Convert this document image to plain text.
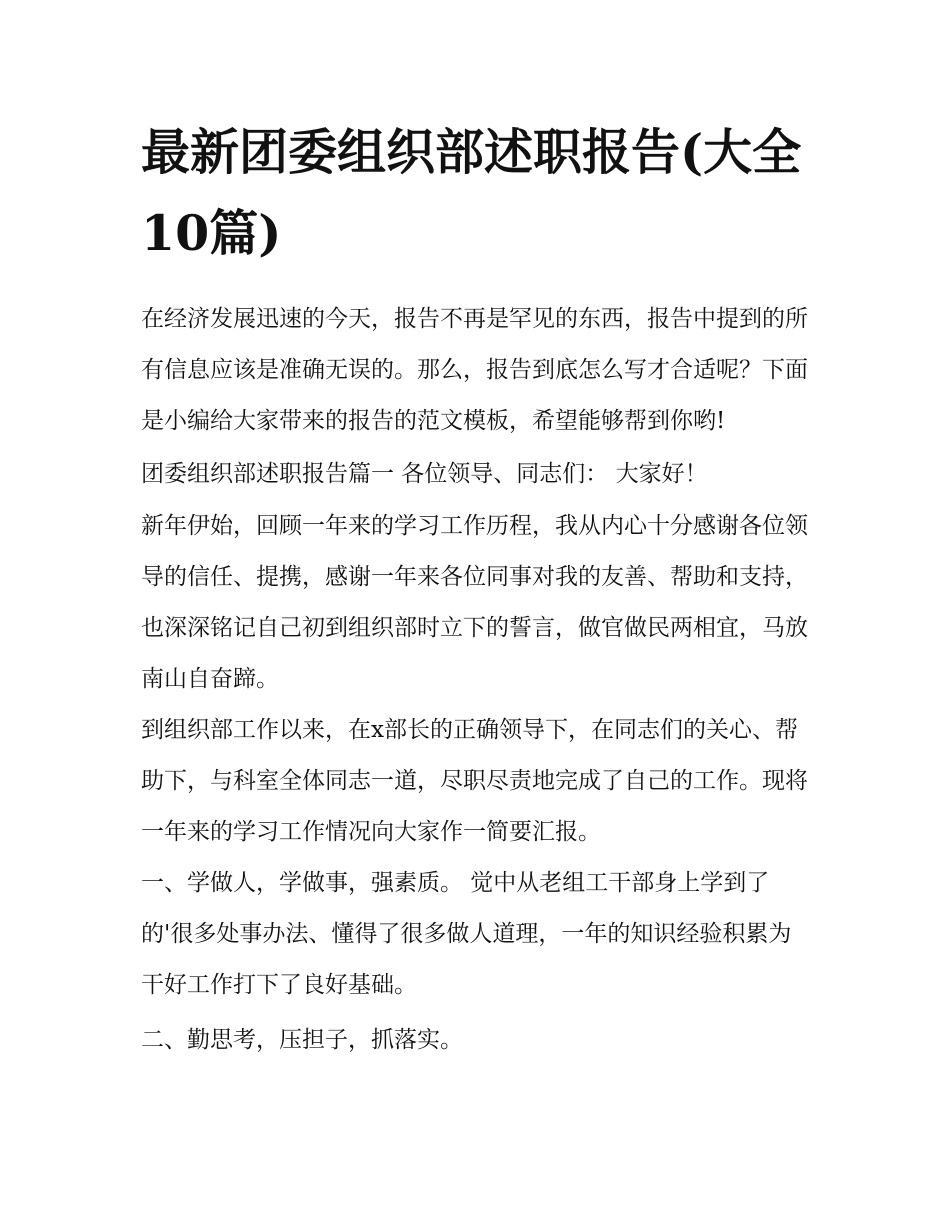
最新团委组织部述职报告(大全10篇)

在经济发展迅速的今天，报告不再是罕见的东西，报告中提到的所有信息应该是准确无误的。那么，报告到底怎么写才合适呢？下面是小编给大家带来的报告的范文模板，希望能够帮到你哟!

团委组织部述职报告篇一 各位领导、同志们： 大家好！

新年伊始，回顾一年来的学习工作历程，我从内心十分感谢各位领导的信任、提携，感谢一年来各位同事对我的友善、帮助和支持，也深深铭记自己初到组织部时立下的誓言，做官做民两相宜，马放南山自奋蹄。

到组织部工作以来，在x部长的正确领导下，在同志们的关心、帮助下，与科室全体同志一道，尽职尽责地完成了自己的工作。现将一年来的学习工作情况向大家作一简要汇报。

一、学做人，学做事，强素质。 觉中从老组工干部身上学到了的'很多处事办法、懂得了很多做人道理，一年的知识经验积累为干好工作打下了良好基础。

二、勤思考，压担子，抓落实。
